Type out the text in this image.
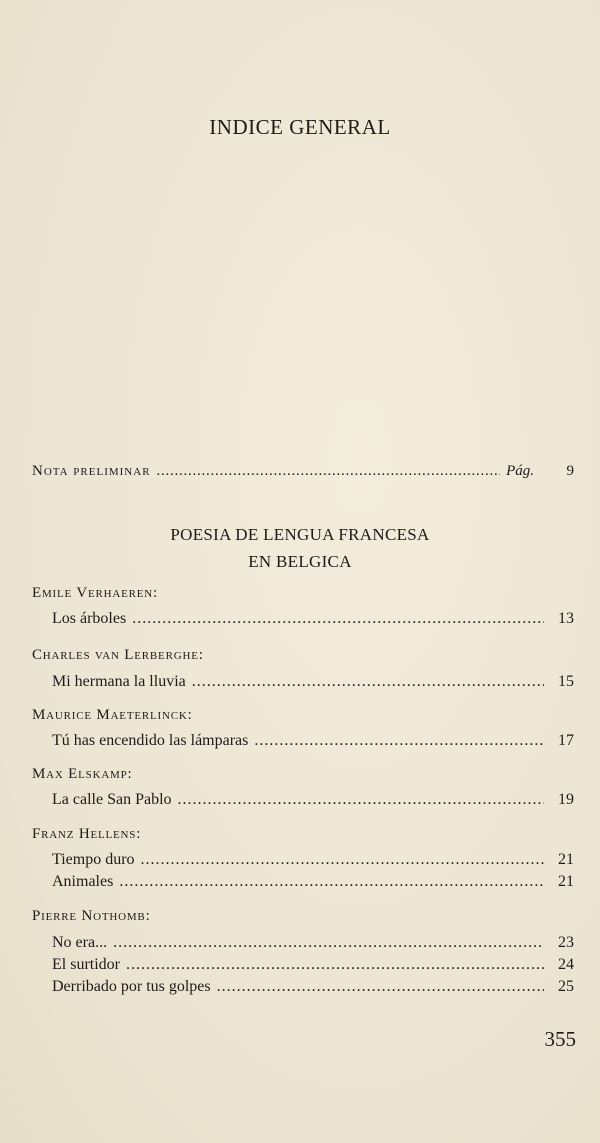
INDICE GENERAL
Nota preliminar . . .	Pág.	9
POESIA DE LENGUA FRANCESA
EN BELGICA
Emile Verhaeren:
Los árboles . . .	13
Charles van Lerberghe:
Mi hermana la lluvia . . .	15
Maurice Maeterlinck:
Tú has encendido las lámparas . . .	17
Max Elskamp:
La calle San Pablo . . .	19
Franz Hellens:
Tiempo duro . . .	21
Animales . . .	21
Pierre Nothomb:
No era... . . .	23
El surtidor . . .	24
Derribado por tus golpes . . .	25
355
